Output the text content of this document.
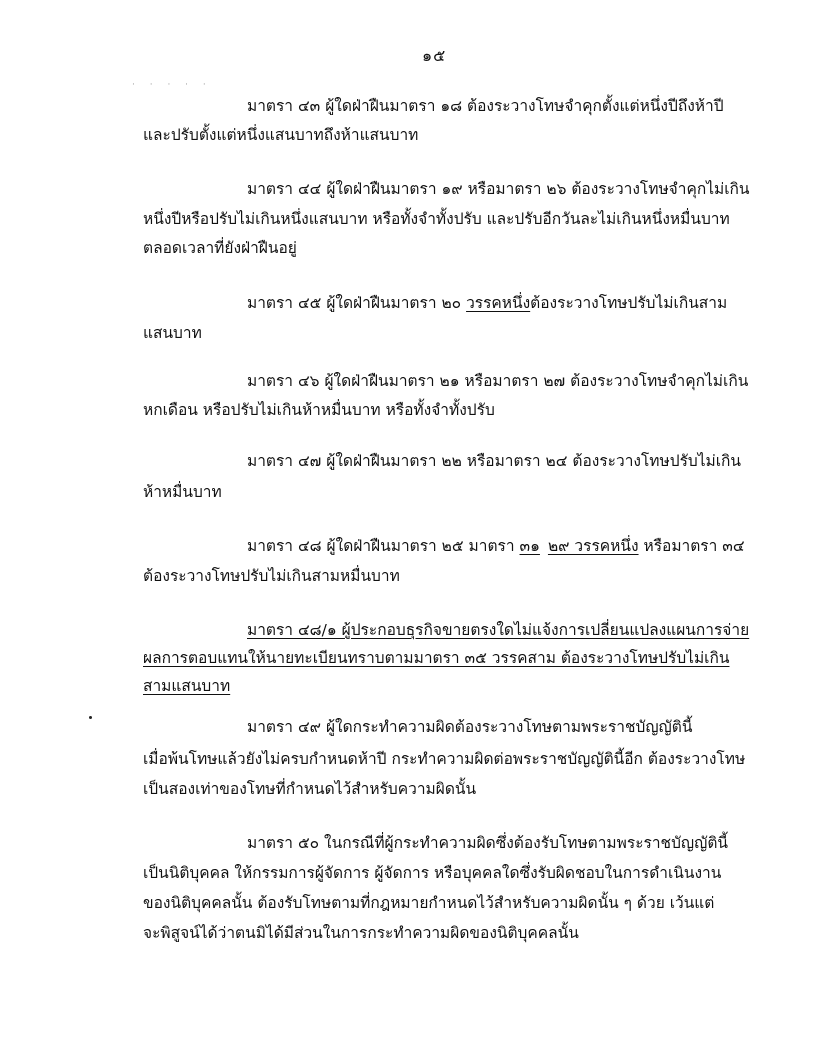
· · · · ·
๑๕
มาตรา ๔๓ ผู้ใดฝ่าฝืนมาตรา ๑๘ ต้องระวางโทษจำคุกตั้งแต่หนึ่งปีถึงห้าปี
และปรับตั้งแต่หนึ่งแสนบาทถึงห้าแสนบาท
มาตรา ๔๔ ผู้ใดฝ่าฝืนมาตรา ๑๙ หรือมาตรา ๒๖ ต้องระวางโทษจำคุกไม่เกิน
หนึ่งปีหรือปรับไม่เกินหนึ่งแสนบาท หรือทั้งจำทั้งปรับ และปรับอีกวันละไม่เกินหนึ่งหมื่นบาท
ตลอดเวลาที่ยังฝ่าฝืนอยู่
มาตรา ๔๕ ผู้ใดฝ่าฝืนมาตรา ๒๐ วรรคหนึ่งต้องระวางโทษปรับไม่เกินสาม
แสนบาท
มาตรา ๔๖ ผู้ใดฝ่าฝืนมาตรา ๒๑ หรือมาตรา ๒๗ ต้องระวางโทษจำคุกไม่เกิน
หกเดือน หรือปรับไม่เกินห้าหมื่นบาท หรือทั้งจำทั้งปรับ
มาตรา ๔๗ ผู้ใดฝ่าฝืนมาตรา ๒๒ หรือมาตรา ๒๔ ต้องระวางโทษปรับไม่เกิน
ห้าหมื่นบาท
มาตรา ๔๘ ผู้ใดฝ่าฝืนมาตรา ๒๕ มาตรา ๓๑ ๒๙ วรรคหนึ่ง หรือมาตรา ๓๔
ต้องระวางโทษปรับไม่เกินสามหมื่นบาท
มาตรา ๔๘/๑ ผู้ประกอบธุรกิจขายตรงใดไม่แจ้งการเปลี่ยนแปลงแผนการจ่าย
ผลการตอบแทนให้นายทะเบียนทราบตามมาตรา ๓๕ วรรคสาม ต้องระวางโทษปรับไม่เกิน
สามแสนบาท
มาตรา ๔๙ ผู้ใดกระทำความผิดต้องระวางโทษตามพระราชบัญญัตินี้
เมื่อพ้นโทษแล้วยังไม่ครบกำหนดห้าปี กระทำความผิดต่อพระราชบัญญัตินี้อีก ต้องระวางโทษ
เป็นสองเท่าของโทษที่กำหนดไว้สำหรับความผิดนั้น
มาตรา ๕๐ ในกรณีที่ผู้กระทำความผิดซึ่งต้องรับโทษตามพระราชบัญญัตินี้
เป็นนิติบุคคล ให้กรรมการผู้จัดการ ผู้จัดการ หรือบุคคลใดซึ่งรับผิดชอบในการดำเนินงาน
ของนิติบุคคลนั้น ต้องรับโทษตามที่กฎหมายกำหนดไว้สำหรับความผิดนั้น ๆ ด้วย เว้นแต่
จะพิสูจน์ได้ว่าตนมิได้มีส่วนในการกระทำความผิดของนิติบุคคลนั้น
